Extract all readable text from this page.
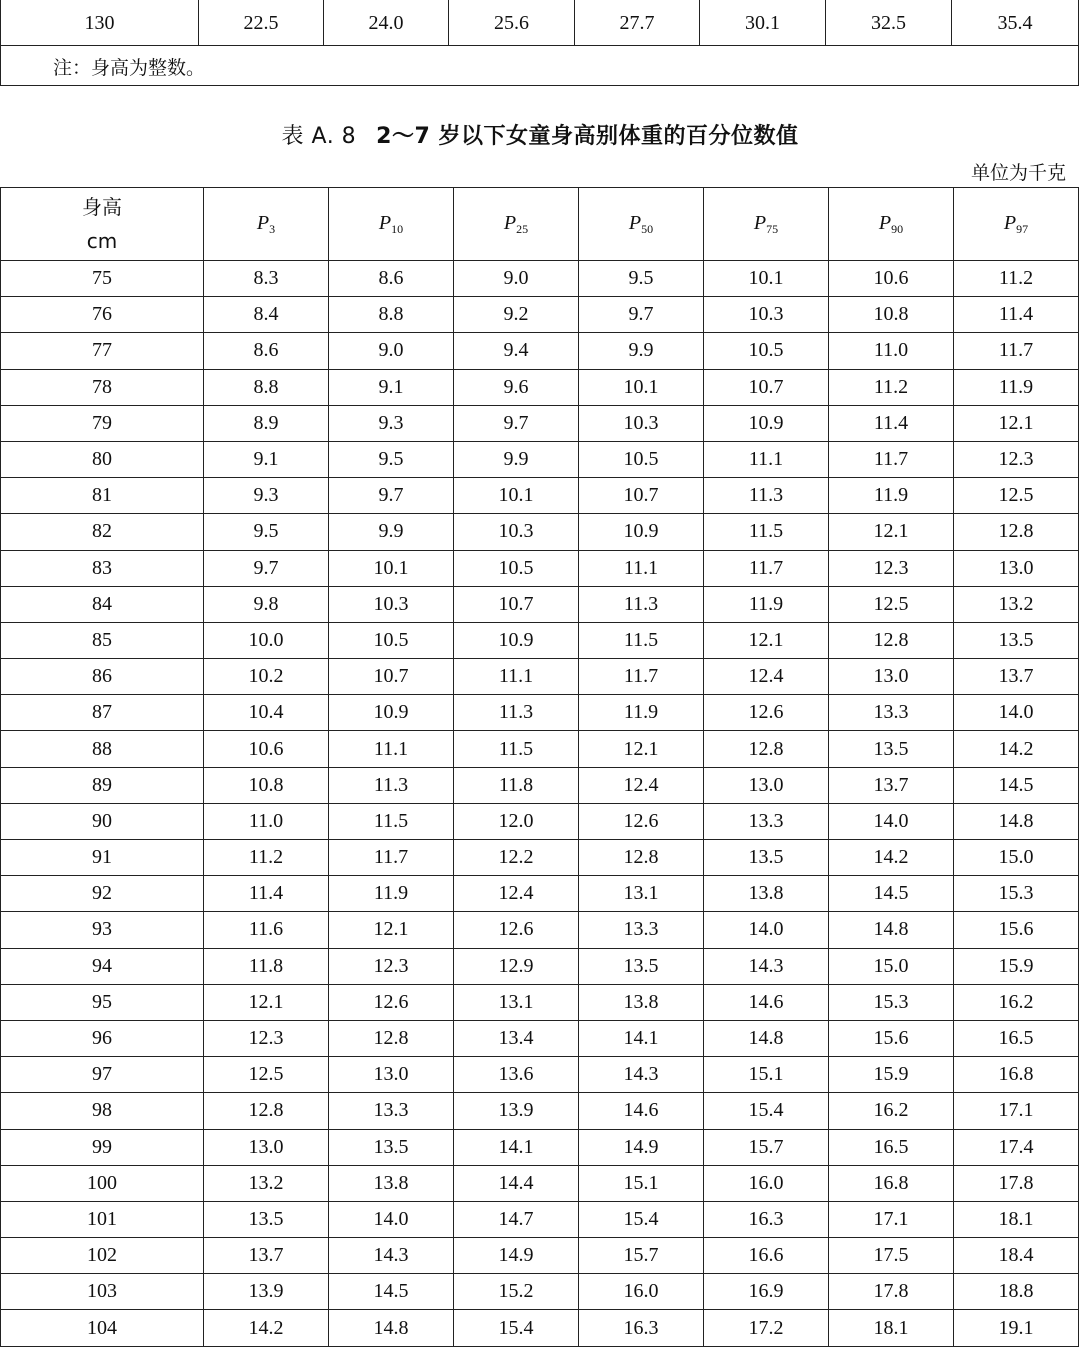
130	22.5	24.0	25.6	27.7	30.1	32.5	35.4
注：身高为整数。
表 A. 8 2～7 岁以下女童身高别体重的百分位数值
单位为千克
身高
cm	$P_3$	$P_{10}$	$P_{25}$	$P_{50}$	$P_{75}$	$P_{90}$	$P_{97}$
75	8.3	8.6	9.0	9.5	10.1	10.6	11.2
76	8.4	8.8	9.2	9.7	10.3	10.8	11.4
77	8.6	9.0	9.4	9.9	10.5	11.0	11.7
78	8.8	9.1	9.6	10.1	10.7	11.2	11.9
79	8.9	9.3	9.7	10.3	10.9	11.4	12.1
80	9.1	9.5	9.9	10.5	11.1	11.7	12.3
81	9.3	9.7	10.1	10.7	11.3	11.9	12.5
82	9.5	9.9	10.3	10.9	11.5	12.1	12.8
83	9.7	10.1	10.5	11.1	11.7	12.3	13.0
84	9.8	10.3	10.7	11.3	11.9	12.5	13.2
85	10.0	10.5	10.9	11.5	12.1	12.8	13.5
86	10.2	10.7	11.1	11.7	12.4	13.0	13.7
87	10.4	10.9	11.3	11.9	12.6	13.3	14.0
88	10.6	11.1	11.5	12.1	12.8	13.5	14.2
89	10.8	11.3	11.8	12.4	13.0	13.7	14.5
90	11.0	11.5	12.0	12.6	13.3	14.0	14.8
91	11.2	11.7	12.2	12.8	13.5	14.2	15.0
92	11.4	11.9	12.4	13.1	13.8	14.5	15.3
93	11.6	12.1	12.6	13.3	14.0	14.8	15.6
94	11.8	12.3	12.9	13.5	14.3	15.0	15.9
95	12.1	12.6	13.1	13.8	14.6	15.3	16.2
96	12.3	12.8	13.4	14.1	14.8	15.6	16.5
97	12.5	13.0	13.6	14.3	15.1	15.9	16.8
98	12.8	13.3	13.9	14.6	15.4	16.2	17.1
99	13.0	13.5	14.1	14.9	15.7	16.5	17.4
100	13.2	13.8	14.4	15.1	16.0	16.8	17.8
101	13.5	14.0	14.7	15.4	16.3	17.1	18.1
102	13.7	14.3	14.9	15.7	16.6	17.5	18.4
103	13.9	14.5	15.2	16.0	16.9	17.8	18.8
104	14.2	14.8	15.4	16.3	17.2	18.1	19.1
